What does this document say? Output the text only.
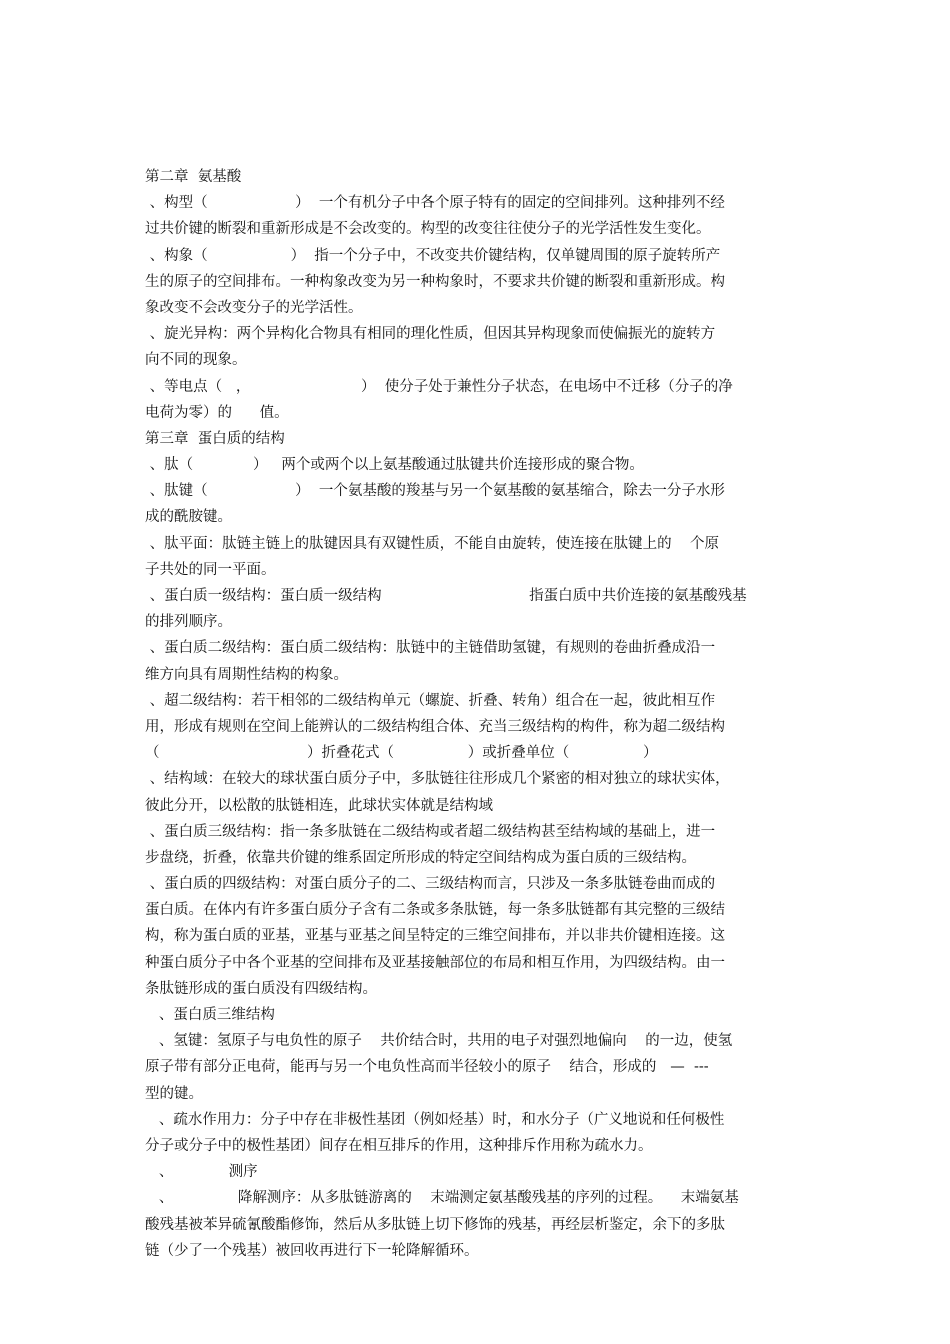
第二章  氨基酸
、构型（                   ）  一个有机分子中各个原子特有的固定的空间排列。这种排列不经
过共价键的断裂和重新形成是不会改变的。构型的改变往往使分子的光学活性发生变化。
、构象（                  ）  指一个分子中，不改变共价键结构，仅单键周围的原子旋转所产
生的原子的空间排布。一种构象改变为另一种构象时，不要求共价键的断裂和重新形成。构
象改变不会改变分子的光学活性。
、旋光异构：两个异构化合物具有相同的理化性质，但因其异构现象而使偏振光的旋转方
向不同的现象。
、等电点（   ，                        ）  使分子处于兼性分子状态，在电场中不迁移（分子的净
电荷为零）的      值。
第三章  蛋白质的结构
、肽（             ）   两个或两个以上氨基酸通过肽键共价连接形成的聚合物。
、肽键（                   ）  一个氨基酸的羧基与另一个氨基酸的氨基缩合，除去一分子水形
成的酰胺键。
、肽平面：肽链主链上的肽键因具有双键性质，不能自由旋转，使连接在肽键上的    个原
子共处的同一平面。
、蛋白质一级结构：蛋白质一级结构                                指蛋白质中共价连接的氨基酸残基
的排列顺序。
、蛋白质二级结构：蛋白质二级结构：肽链中的主链借助氢键，有规则的卷曲折叠成沿一
维方向具有周期性结构的构象。
、超二级结构：若干相邻的二级结构单元（螺旋、折叠、转角）组合在一起，彼此相互作
用，形成有规则在空间上能辨认的二级结构组合体、充当三级结构的构件，称为超二级结构
（                                ）折叠花式（                ）或折叠单位（                ）
、结构域：在较大的球状蛋白质分子中，多肽链往往形成几个紧密的相对独立的球状实体，
彼此分开，以松散的肽链相连，此球状实体就是结构域
、蛋白质三级结构：指一条多肽链在二级结构或者超二级结构甚至结构域的基础上，进一
步盘绕，折叠，依靠共价键的维系固定所形成的特定空间结构成为蛋白质的三级结构。
、蛋白质的四级结构：对蛋白质分子的二、三级结构而言，只涉及一条多肽链卷曲而成的
蛋白质。在体内有许多蛋白质分子含有二条或多条肽链，每一条多肽链都有其完整的三级结
构，称为蛋白质的亚基，亚基与亚基之间呈特定的三维空间排布，并以非共价键相连接。这
种蛋白质分子中各个亚基的空间排布及亚基接触部位的布局和相互作用，为四级结构。由一
条肽链形成的蛋白质没有四级结构。
、蛋白质三维结构
、氢键：氢原子与电负性的原子    共价结合时，共用的电子对强烈地偏向    的一边，使氢
原子带有部分正电荷，能再与另一个电负性高而半径较小的原子    结合，形成的   —  ---
型的键。
、疏水作用力：分子中存在非极性基团（例如烃基）时，和水分子（广义地说和任何极性
分子或分子中的极性基团）间存在相互排斥的作用，这种排斥作用称为疏水力。
、            测序
、              降解测序：从多肽链游离的    末端测定氨基酸残基的序列的过程。    末端氨基
酸残基被苯异硫氰酸酯修饰，然后从多肽链上切下修饰的残基，再经层析鉴定，余下的多肽
链（少了一个残基）被回收再进行下一轮降解循环。
